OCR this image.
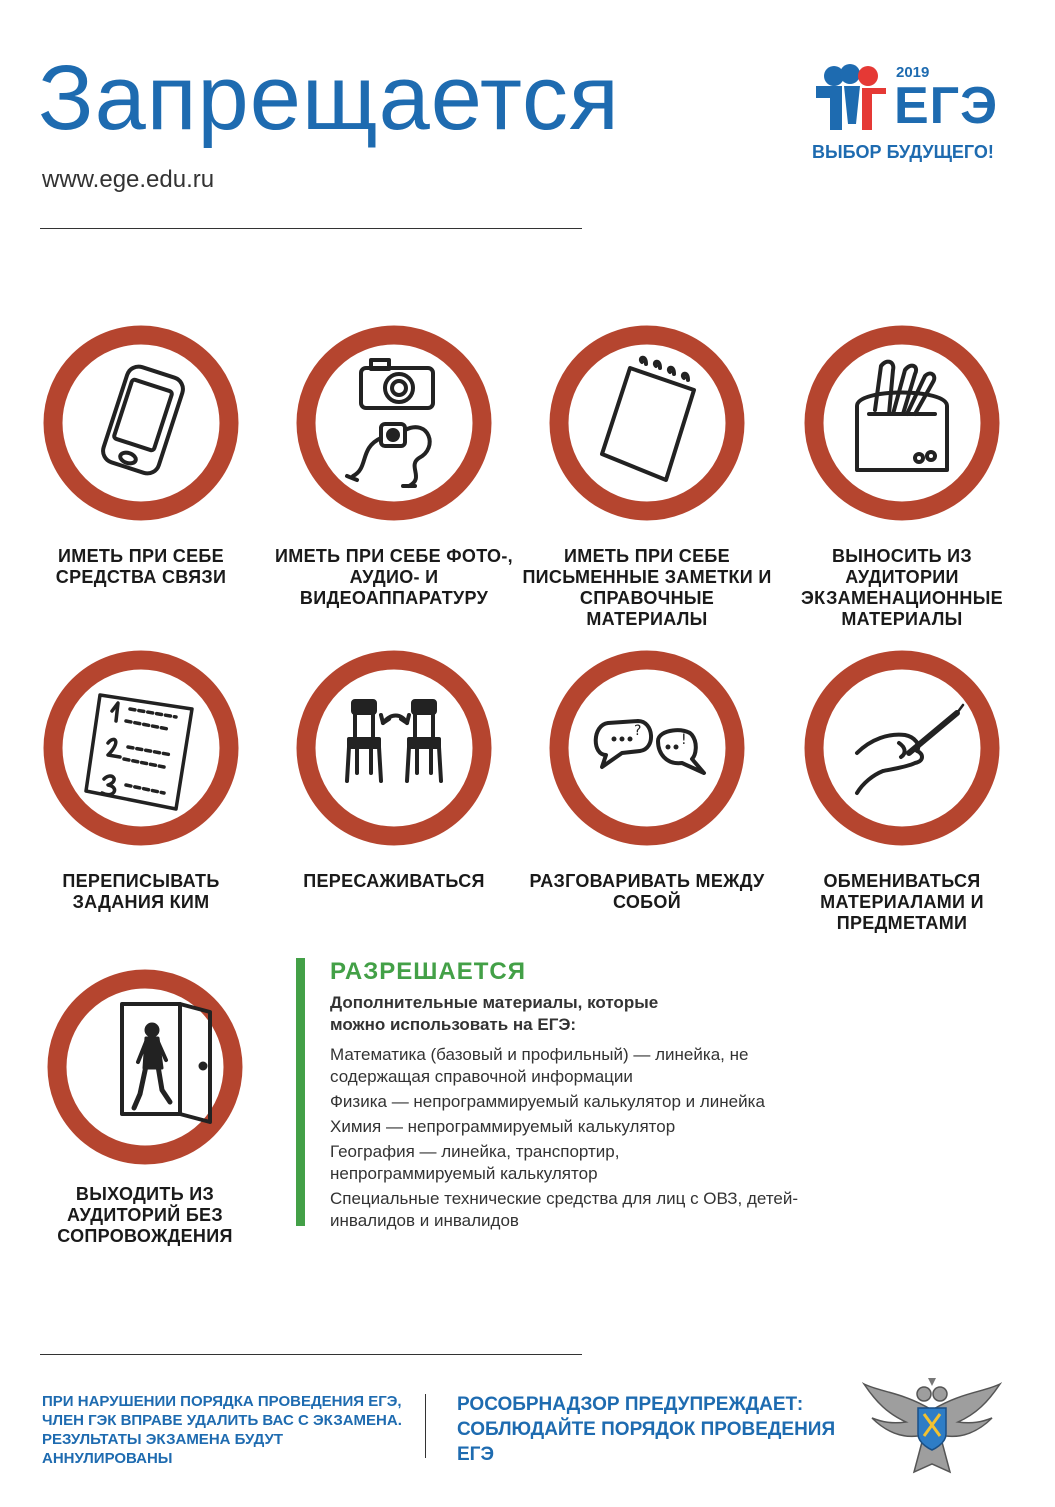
Запрещается
www.ege.edu.ru
2019
ЕГЭ
ВЫБОР БУДУЩЕГО!
ИМЕТЬ ПРИ СЕБЕ СРЕДСТВА СВЯЗИ
ИМЕТЬ ПРИ СЕБЕ ФОТО-, АУДИО- И ВИДЕОАППАРАТУРУ
ИМЕТЬ ПРИ СЕБЕ ПИСЬМЕННЫЕ ЗАМЕТКИ И СПРАВОЧНЫЕ МАТЕРИАЛЫ
ВЫНОСИТЬ ИЗ АУДИТОРИИ ЭКЗАМЕНАЦИОННЫЕ МАТЕРИАЛЫ
ПЕРЕПИСЫВАТЬ ЗАДАНИЯ КИМ
ПЕРЕСАЖИВАТЬСЯ
?
!
РАЗГОВАРИВАТЬ МЕЖДУ СОБОЙ
ОБМЕНИВАТЬСЯ МАТЕРИАЛАМИ И ПРЕДМЕТАМИ
ВЫХОДИТЬ ИЗ АУДИТОРИЙ БЕЗ СОПРОВОЖДЕНИЯ
РАЗРЕШАЕТСЯ
Дополнительные материалы, которые можно использовать на ЕГЭ:
Математика (базовый и профильный) — линейка, не содержащая справочной информации
Физика — непрограммируемый калькулятор и линейка
Химия — непрограммируемый калькулятор
География — линейка, транспортир, непрограммируемый калькулятор
Специальные технические средства для лиц с ОВЗ, детей-инвалидов и инвалидов
ПРИ НАРУШЕНИИ ПОРЯДКА ПРОВЕДЕНИЯ ЕГЭ, ЧЛЕН ГЭК ВПРАВЕ УДАЛИТЬ ВАС С ЭКЗАМЕНА. РЕЗУЛЬТАТЫ ЭКЗАМЕНА БУДУТ АННУЛИРОВАНЫ
РОСОБРНАДЗОР ПРЕДУПРЕЖДАЕТ: СОБЛЮДАЙТЕ ПОРЯДОК ПРОВЕДЕНИЯ ЕГЭ
